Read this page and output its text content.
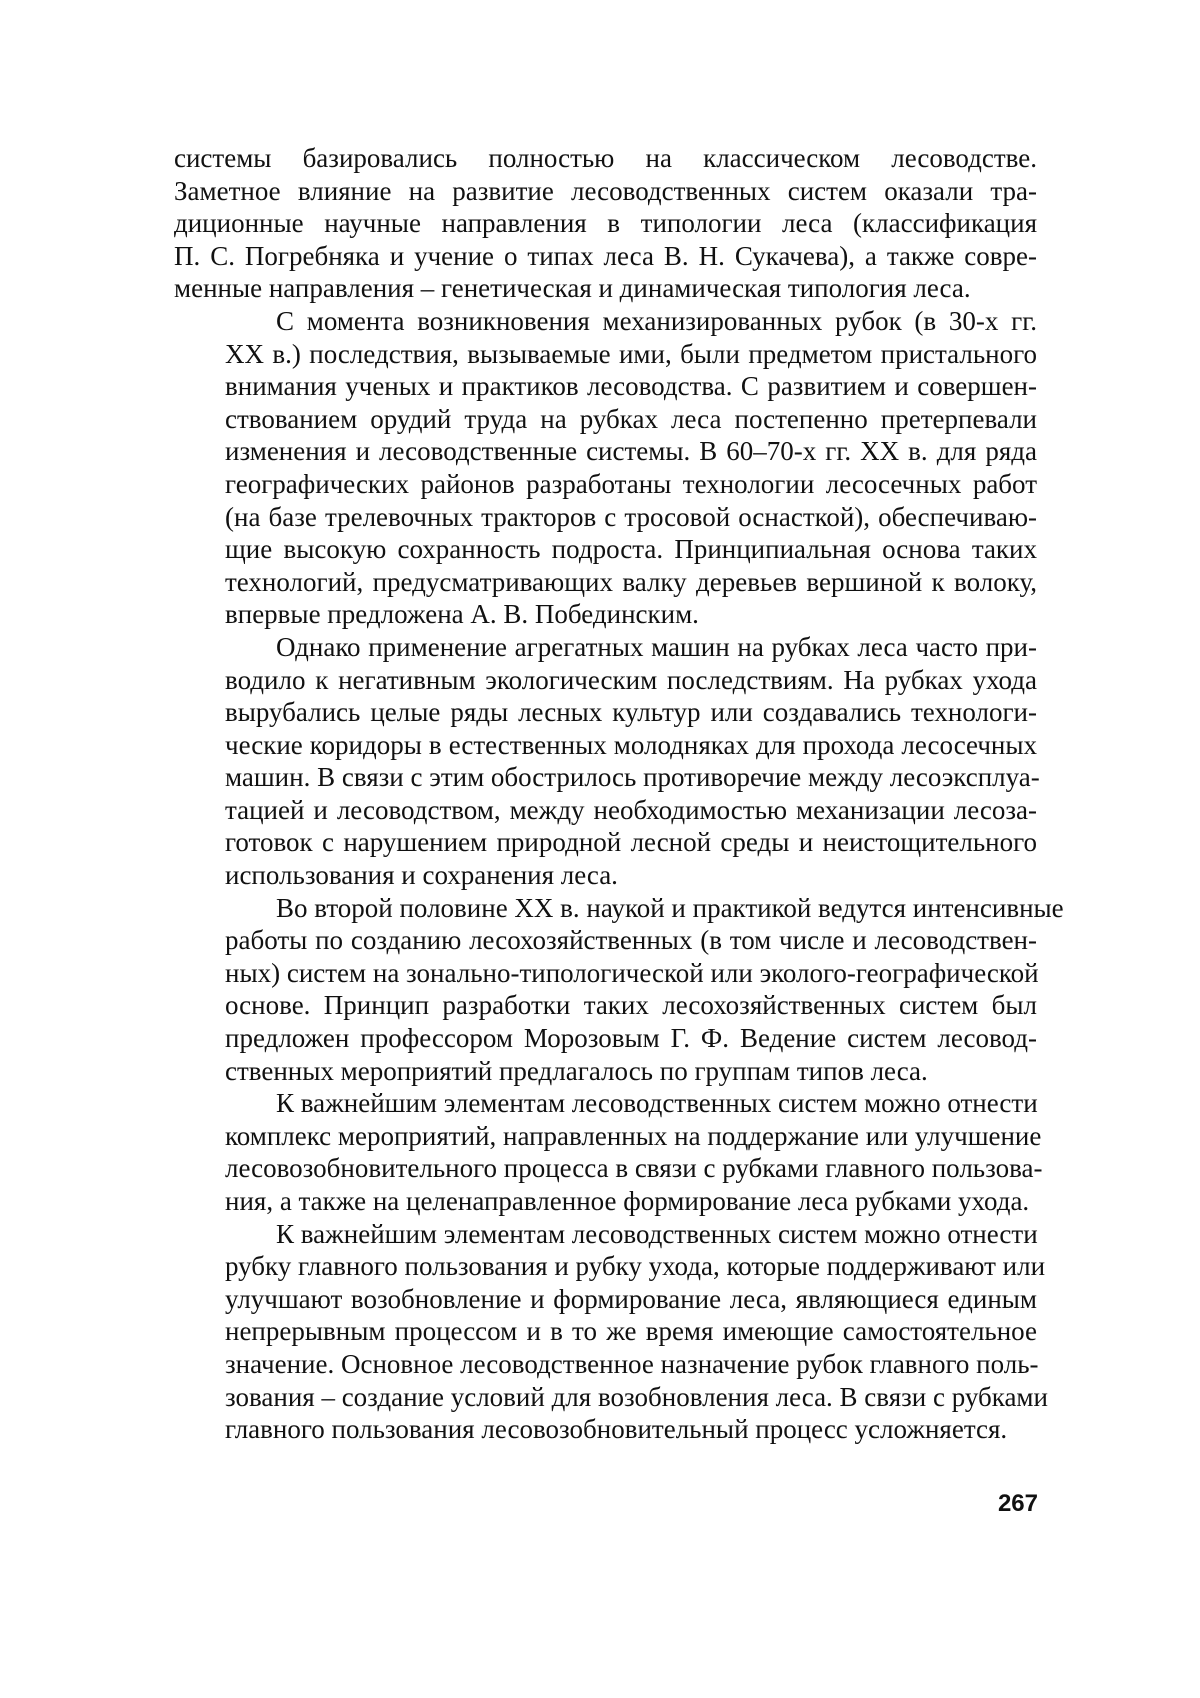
системы базировались полностью на классическом лесоводстве.
Заметное влияние на развитие лесоводственных систем оказали тра-
диционные научные направления в типологии леса (классификация
П. С. Погребняка и учение о типах леса В. Н. Сукачева), а также совре-
менные направления – генетическая и динамическая типология леса.

С момента возникновения механизированных рубок (в 30-х гг.
XX в.) последствия, вызываемые ими, были предметом пристального
внимания ученых и практиков лесоводства. С развитием и совершен-
ствованием орудий труда на рубках леса постепенно претерпевали
изменения и лесоводственные системы. В 60–70-х гг. XX в. для ряда
географических районов разработаны технологии лесосечных работ
(на базе трелевочных тракторов с тросовой оснасткой), обеспечиваю-
щие высокую сохранность подроста. Принципиальная основа таких
технологий, предусматривающих валку деревьев вершиной к волоку,
впервые предложена А. В. Побединским.

Однако применение агрегатных машин на рубках леса часто при-
водило к негативным экологическим последствиям. На рубках ухода
вырубались целые ряды лесных культур или создавались технологи-
ческие коридоры в естественных молодняках для прохода лесосечных
машин. В связи с этим обострилось противоречие между лесоэксплуа-
тацией и лесоводством, между необходимостью механизации лесоза-
готовок с нарушением природной лесной среды и неистощительного
использования и сохранения леса.

Во второй половине XX в. наукой и практикой ведутся интенсивные
работы по созданию лесохозяйственных (в том числе и лесоводствен-
ных) систем на зонально-типологической или эколого-географической
основе. Принцип разработки таких лесохозяйственных систем был
предложен профессором Морозовым Г. Ф. Ведение систем лесовод-
ственных мероприятий предлагалось по группам типов леса.

К важнейшим элементам лесоводственных систем можно отнести
комплекс мероприятий, направленных на поддержание или улучшение
лесовозобновительного процесса в связи с рубками главного пользова-
ния, а также на целенаправленное формирование леса рубками ухода.

К важнейшим элементам лесоводственных систем можно отнести
рубку главного пользования и рубку ухода, которые поддерживают или
улучшают возобновление и формирование леса, являющиеся единым
непрерывным процессом и в то же время имеющие самостоятельное
значение. Основное лесоводственное назначение рубок главного поль-
зования – создание условий для возобновления леса. В связи с рубками
главного пользования лесовозобновительный процесс усложняется.

267
